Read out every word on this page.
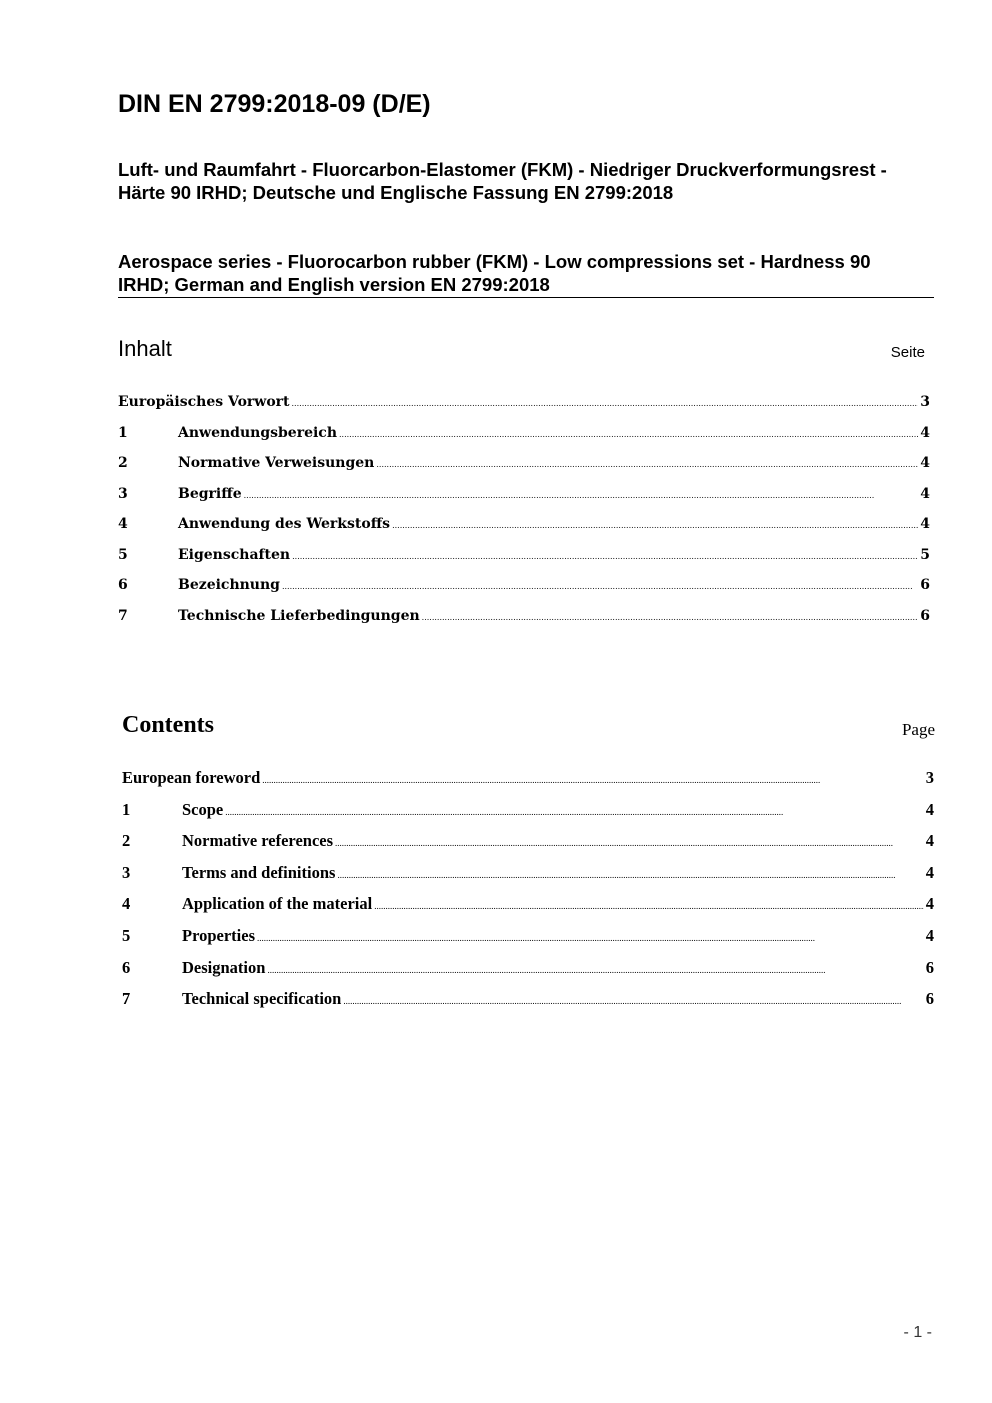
DIN EN 2799:2018-09 (D/E)

Luft- und Raumfahrt - Fluorcarbon-Elastomer (FKM) - Niedriger Druckverformungsrest - Härte 90 IRHD; Deutsche und Englische Fassung EN 2799:2018

Aerospace series - Fluorocarbon rubber (FKM) - Low compressions set - Hardness 90 IRHD; German and English version EN 2799:2018

Inhalt	Seite
Europäisches Vorwort .....	3
1	Anwendungsbereich .....	4
2	Normative Verweisungen .....	4
3	Begriffe .....	4
4	Anwendung des Werkstoffs .....	4
5	Eigenschaften .....	5
6	Bezeichnung .....	6
7	Technische Lieferbedingungen .....	6
Contents	Page
European foreword .....	3
1	Scope .....	4
2	Normative references .....	4
3	Terms and definitions .....	4
4	Application of the material .....	4
5	Properties .....	4
6	Designation .....	6
7	Technical specification .....	6
- 1 -
